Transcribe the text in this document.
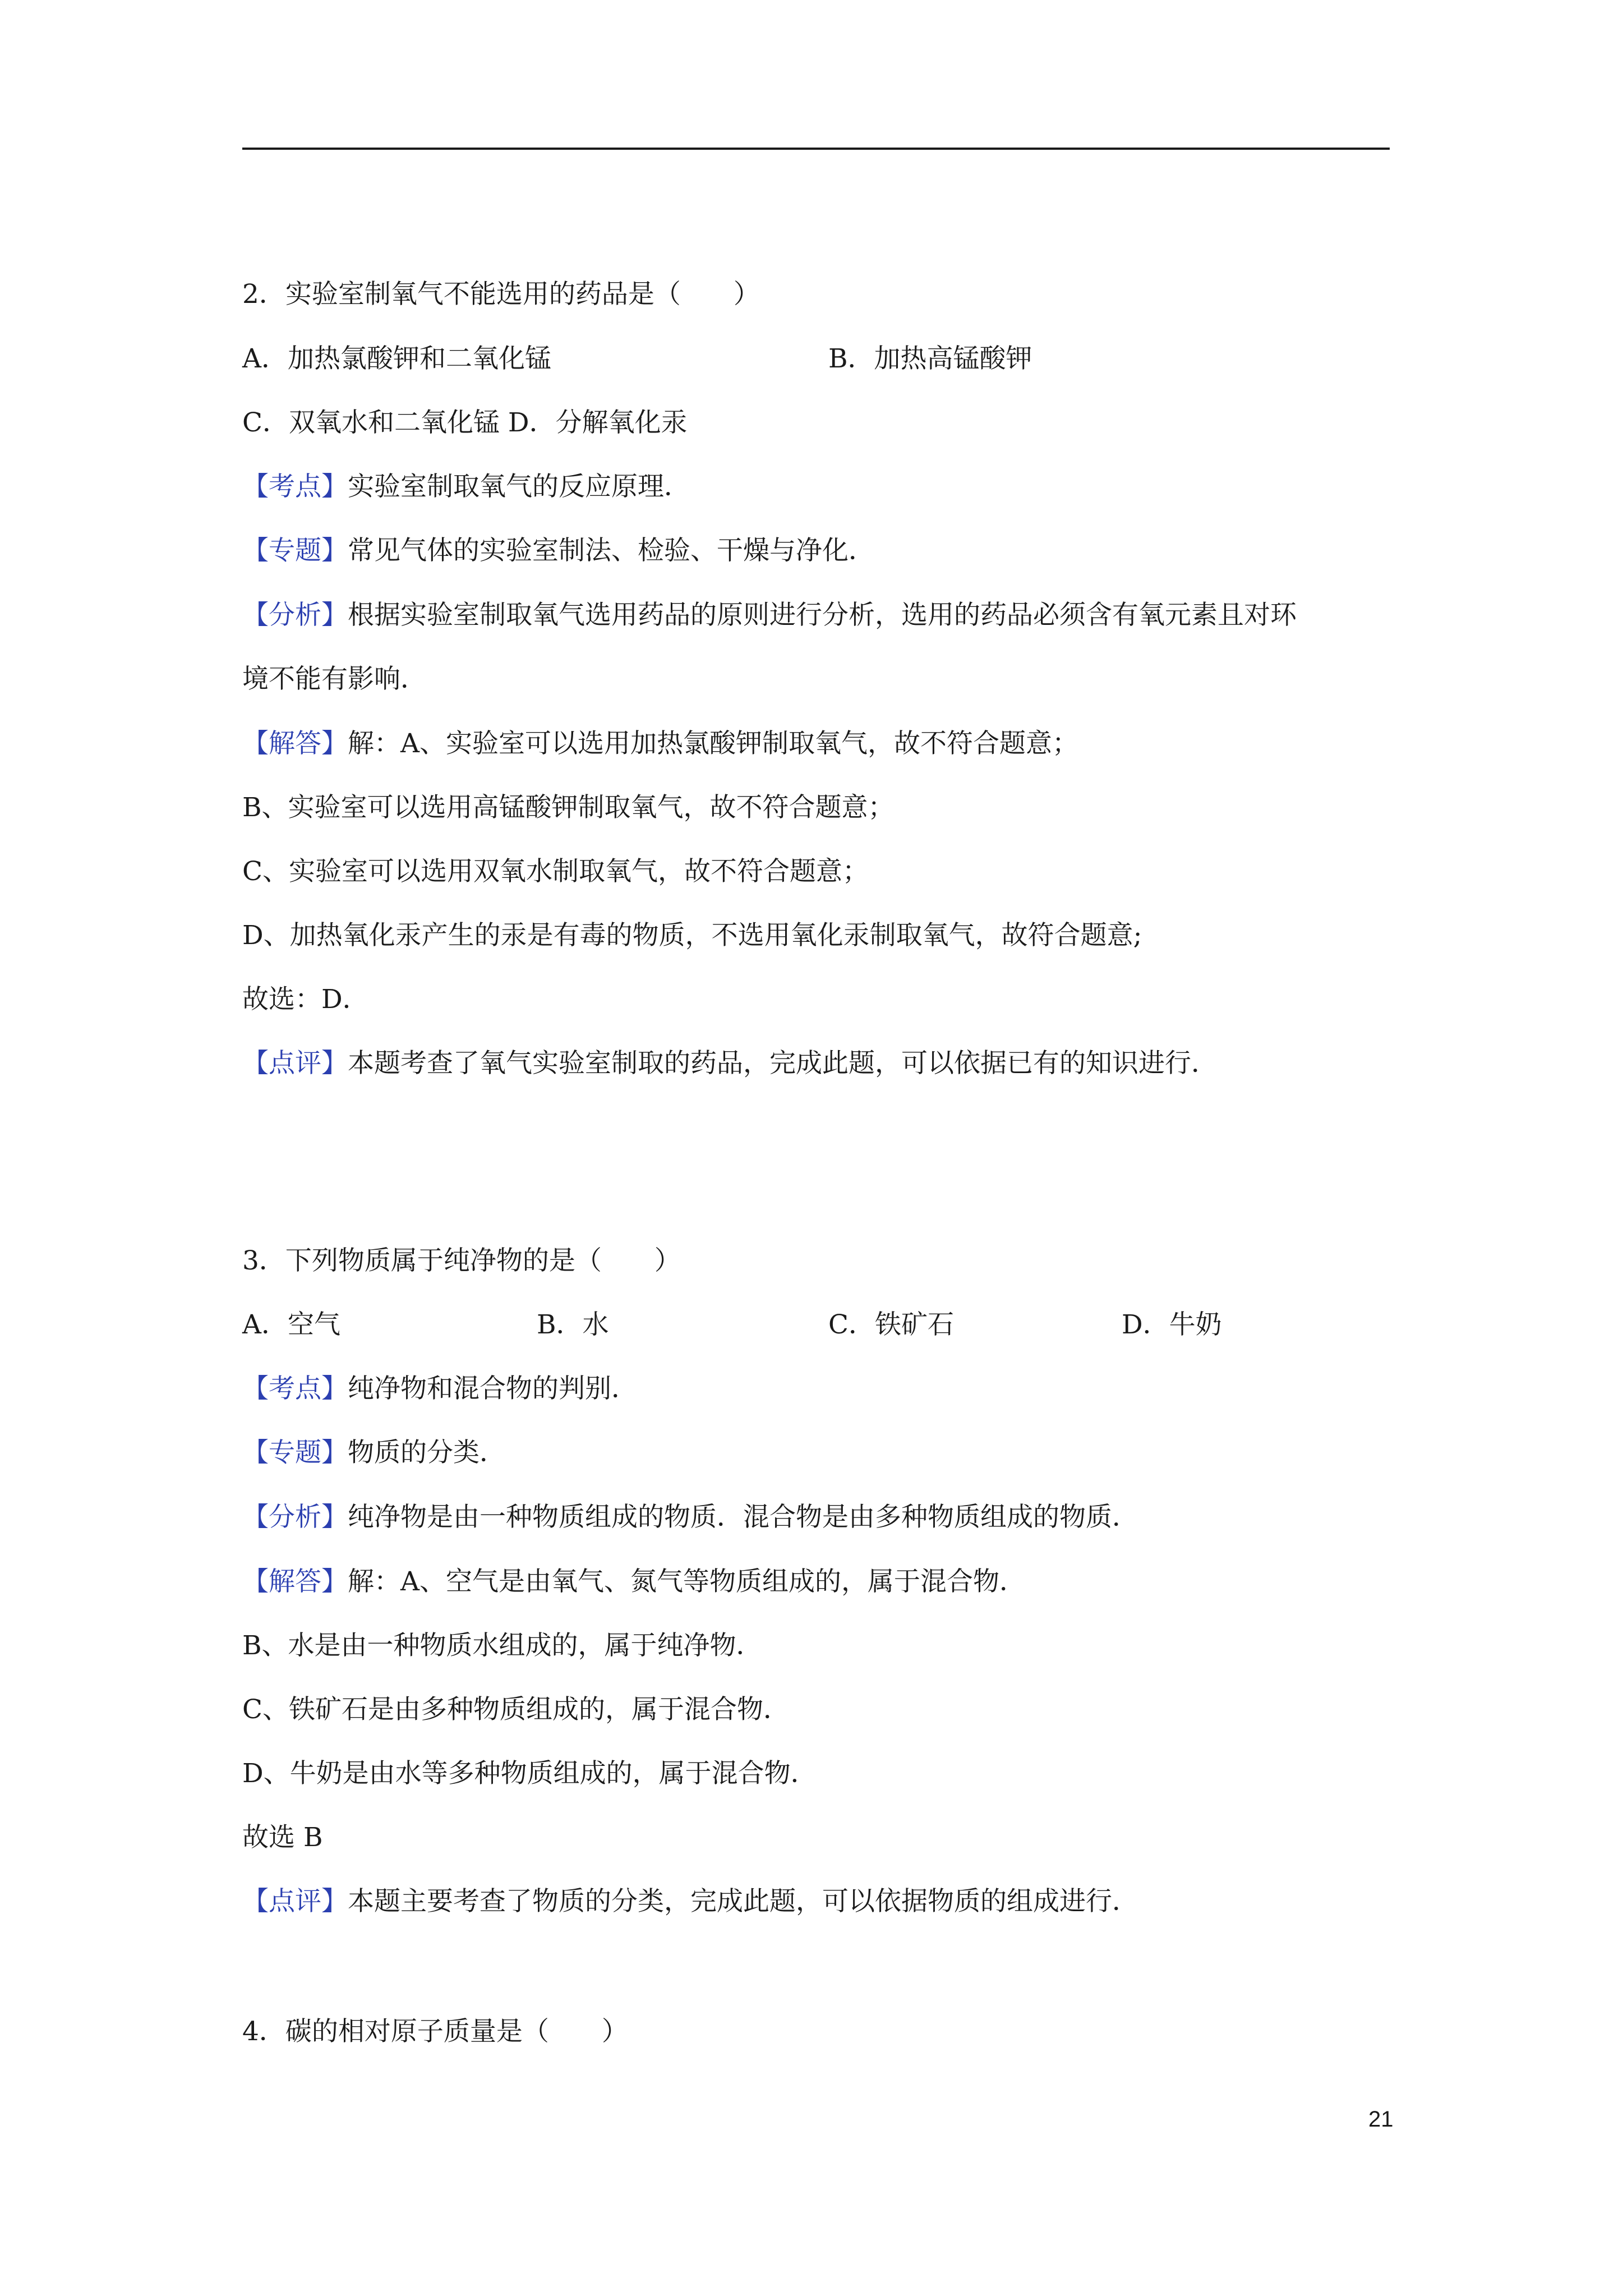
2．实验室制氧气不能选用的药品是（　　）
A．加热氯酸钾和二氧化锰	B．加热高锰酸钾
C．双氧水和二氧化锰 D．分解氧化汞
【考点】实验室制取氧气的反应原理．
【专题】常见气体的实验室制法、检验、干燥与净化．
【分析】根据实验室制取氧气选用药品的原则进行分析，选用的药品必须含有氧元素且对环
境不能有影响．
【解答】解：A、实验室可以选用加热氯酸钾制取氧气，故不符合题意；
B、实验室可以选用高锰酸钾制取氧气，故不符合题意；
C、实验室可以选用双氧水制取氧气，故不符合题意；
D、加热氧化汞产生的汞是有毒的物质，不选用氧化汞制取氧气，故符合题意;
故选：D．
【点评】本题考查了氧气实验室制取的药品，完成此题，可以依据已有的知识进行．
3．下列物质属于纯净物的是（　　）
A．空气	B．水	C．铁矿石	D．牛奶
【考点】纯净物和混合物的判别．
【专题】物质的分类．
【分析】纯净物是由一种物质组成的物质．混合物是由多种物质组成的物质．
【解答】解：A、空气是由氧气、氮气等物质组成的，属于混合物．
B、水是由一种物质水组成的，属于纯净物．
C、铁矿石是由多种物质组成的，属于混合物．
D、牛奶是由水等多种物质组成的，属于混合物．
故选 B
【点评】本题主要考查了物质的分类，完成此题，可以依据物质的组成进行．
4．碳的相对原子质量是（　　）
21
